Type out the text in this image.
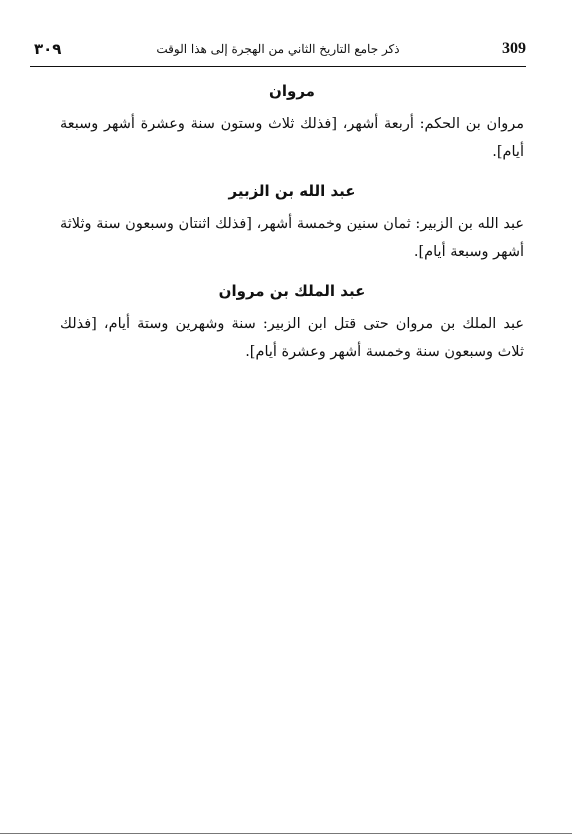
309
ذكر جامع التاريخ الثاني من الهجرة إلى هذا الوقت
٣٠٩
مروان

مروان بن الحكم: أربعة أشهر، [فذلك ثلاث وستون سنة وعشرة أشهر وسبعة أيام].

عبد الله بن الزبير

عبد الله بن الزبير: ثمان سنين وخمسة أشهر، [فذلك اثنتان وسبعون سنة وثلاثة أشهر وسبعة أيام].

عبد الملك بن مروان

عبد الملك بن مروان حتى قتل ابن الزبير: سنة وشهرين وستة أيام، [فذلك ثلاث وسبعون سنة وخمسة أشهر وعشرة أيام].
